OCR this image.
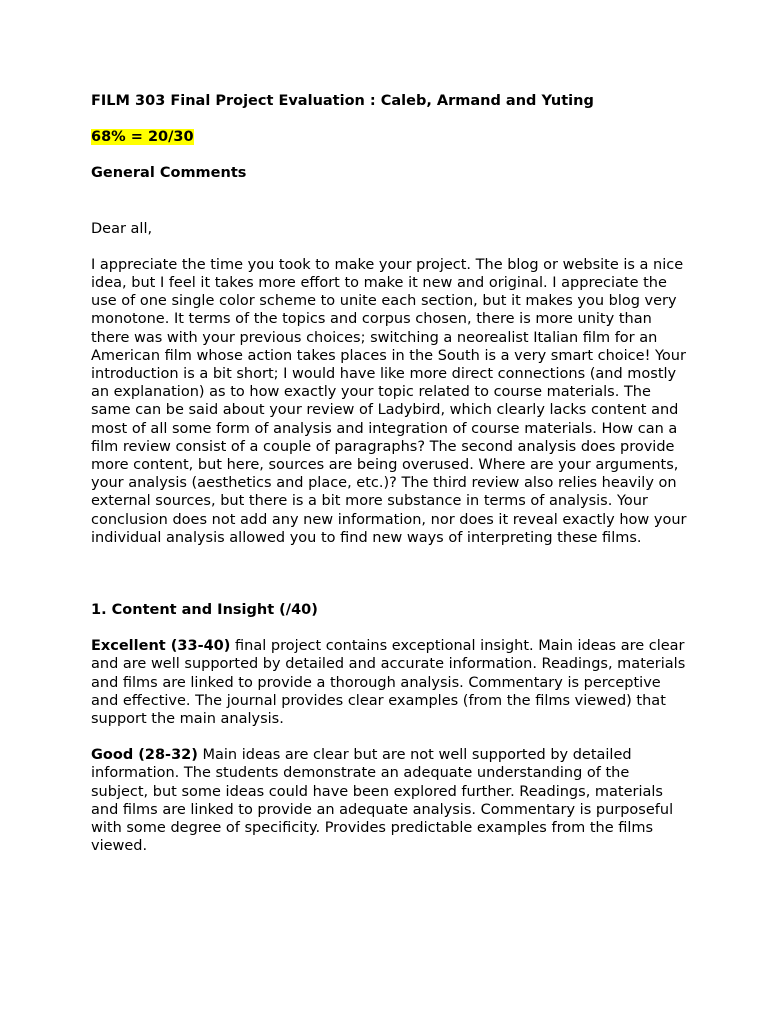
FILM 303 Final Project Evaluation : Caleb, Armand and Yuting

68% = 20/30

General Comments

Dear all,

I appreciate the time you took to make your project. The blog or website is a nice idea, but I feel it takes more effort to make it new and original. I appreciate the use of one single color scheme to unite each section, but it makes you blog very monotone. It terms of the topics and corpus chosen, there is more unity than there was with your previous choices; switching a neorealist Italian film for an American film whose action takes places in the South is a very smart choice! Your introduction is a bit short; I would have like more direct connections (and mostly an explanation) as to how exactly your topic related to course materials. The same can be said about your review of Ladybird, which clearly lacks content and most of all some form of analysis and integration of course materials. How can a film review consist of a couple of paragraphs? The second analysis does provide more content, but here, sources are being overused. Where are your arguments, your analysis (aesthetics and place, etc.)? The third review also relies heavily on external sources, but there is a bit more substance in terms of analysis. Your conclusion does not add any new information, nor does it reveal exactly how your individual analysis allowed you to find new ways of interpreting these films.

1. Content and Insight (/40)

Excellent (33-40) final project contains exceptional insight. Main ideas are clear and are well supported by detailed and accurate information. Readings, materials and films are linked to provide a thorough analysis. Commentary is perceptive and effective. The journal provides clear examples (from the films viewed) that support the main analysis.

Good (28-32) Main ideas are clear but are not well supported by detailed information. The students demonstrate an adequate understanding of the subject, but some ideas could have been explored further. Readings, materials and films are linked to provide an adequate analysis. Commentary is purposeful with some degree of specificity. Provides predictable examples from the films viewed.
